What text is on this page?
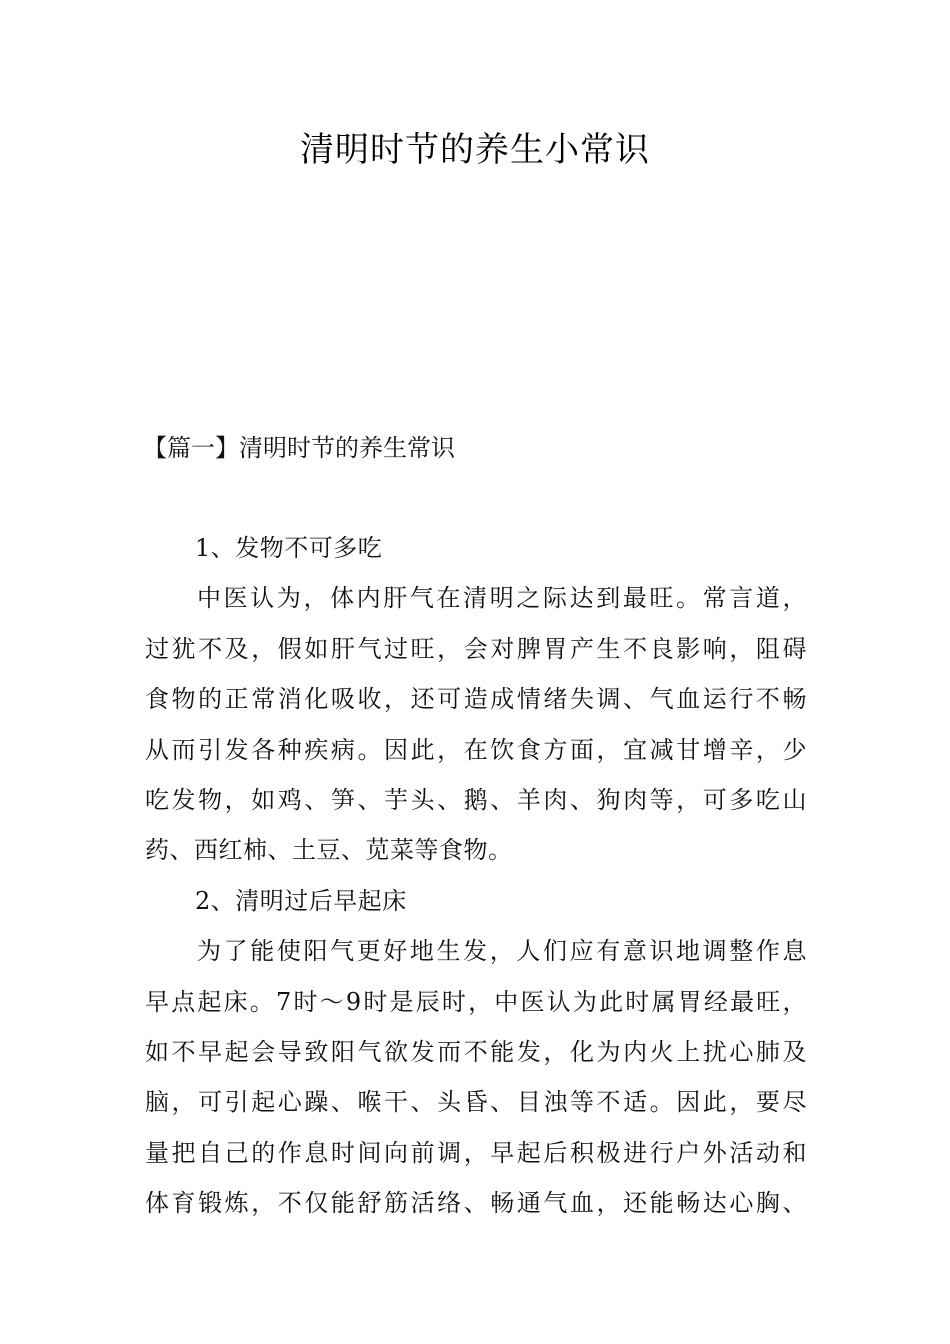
清明时节的养生小常识
【篇一】清明时节的养生常识
1、发物不可多吃
中医认为，体内肝气在清明之际达到最旺。常言道，
过犹不及，假如肝气过旺，会对脾胃产生不良影响，阻碍
食物的正常消化吸收，还可造成情绪失调、气血运行不畅
从而引发各种疾病。因此，在饮食方面，宜减甘增辛，少
吃发物，如鸡、笋、芋头、鹅、羊肉、狗肉等，可多吃山
药、西红柿、土豆、苋菜等食物。
2、清明过后早起床
为了能使阳气更好地生发，人们应有意识地调整作息
早点起床。7时～9时是辰时，中医认为此时属胃经最旺，
如不早起会导致阳气欲发而不能发，化为内火上扰心肺及
脑，可引起心躁、喉干、头昏、目浊等不适。因此，要尽
量把自己的作息时间向前调，早起后积极进行户外活动和
体育锻炼，不仅能舒筋活络、畅通气血，还能畅达心胸、
